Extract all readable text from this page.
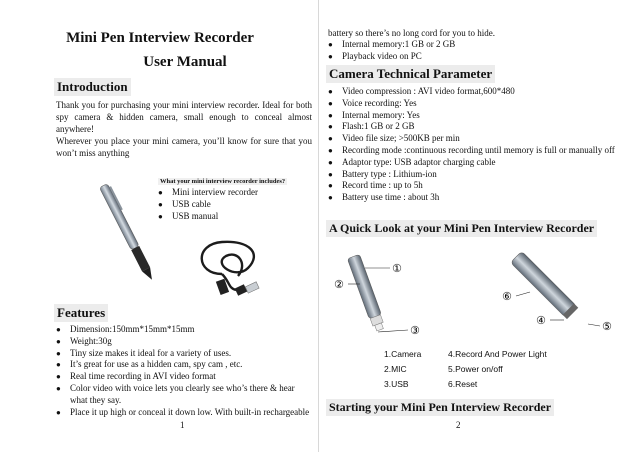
Mini Pen Interview Recorder
User Manual
Introduction
Thank you for purchasing your mini interview recorder. Ideal for both spy camera & hidden camera, small enough to conceal almost anywhere!
Wherever you place your mini camera, you’ll know for sure that you won’t miss anything
What your mini interview recorder includes?
● Mini interview recorder
● USB cable
● USB manual
Features
● Dimension:150mm*15mm*15mm
● Weight:30g
● Tiny size makes it ideal for a variety of uses.
● It’s great for use as a hidden cam, spy cam , etc.
● Real time recording in AVI video format
● Color video with voice lets you clearly see who’s there & hear what they say.
● Place it up high or conceal it down low. With built-in rechargeable
1
battery so there’s no long cord for you to hide.
● Internal memory:1 GB or 2 GB
● Playback video on PC
Camera Technical Parameter
● Video compression : AVI video format,600*480
● Voice recording: Yes
● Internal memory: Yes
● Flash:1 GB or 2 GB
● Video file size; >500KB per min
● Recording mode :continuous recording until memory is full or manually off
● Adaptor type: USB adaptor charging cable
● Battery type : Lithium-ion
● Record time : up to 5h
● Battery use time : about 3h
A Quick Look at your Mini Pen Interview Recorder
①
②
③
④	⑤
⑥
1.Camera
2.MIC
3.USB
4.Record And Power Light
5.Power on/off
6.Reset
Starting your Mini Pen Interview Recorder
2
